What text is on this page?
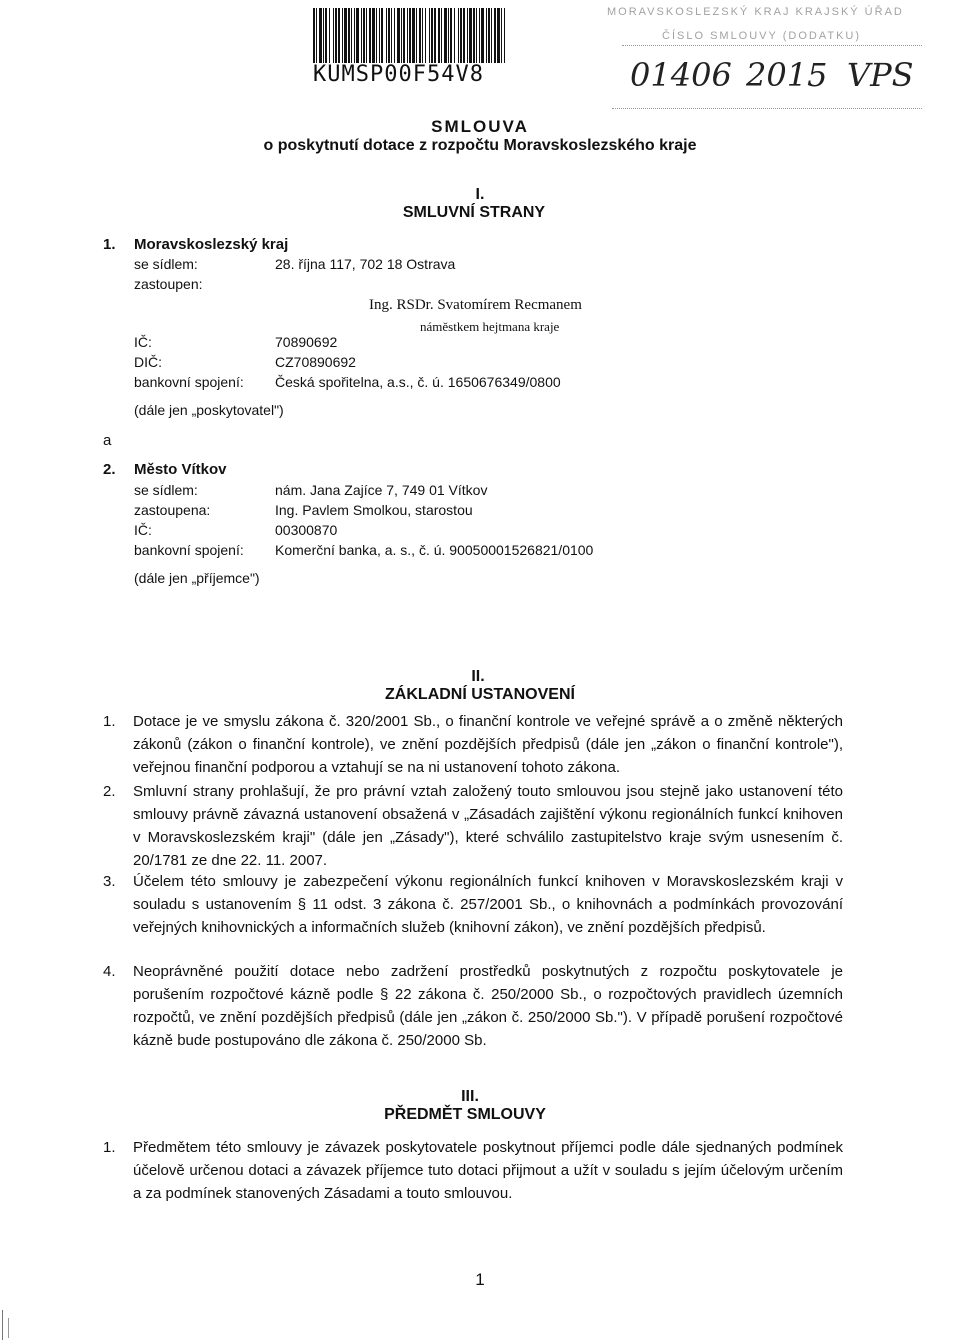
KUMSP00F54V8
MORAVSKOSLEZSKÝ KRAJ KRAJSKÝ ÚŘAD
ČÍSLO SMLOUVY (DODATKU)
01406 2015 VPS
SMLOUVA
o poskytnutí dotace z rozpočtu Moravskoslezského kraje
I.
SMLUVNÍ STRANY
1. Moravskoslezský kraj
se sídlem:	28. října 117, 702 18 Ostrava
zastoupen:
Ing. RSDr. Svatomírem Recmanem
náměstkem hejtmana kraje
IČ:	70890692
DIČ:	CZ70890692
bankovní spojení: Česká spořitelna, a.s., č. ú. 1650676349/0800
(dále jen „poskytovatel")
a
2. Město Vítkov
se sídlem:	nám. Jana Zajíce 7, 749 01 Vítkov
zastoupena:	Ing. Pavlem Smolkou, starostou
IČ:	00300870
bankovní spojení: Komerční banka, a. s., č. ú. 90050001526821/0100
(dále jen „příjemce")
II.
ZÁKLADNÍ USTANOVENÍ
1. Dotace je ve smyslu zákona č. 320/2001 Sb., o finanční kontrole ve veřejné správě a o změně některých zákonů (zákon o finanční kontrole), ve znění pozdějších předpisů (dále jen „zákon o finanční kontrole"), veřejnou finanční podporou a vztahují se na ni ustanovení tohoto zákona.
2. Smluvní strany prohlašují, že pro právní vztah založený touto smlouvou jsou stejně jako ustanovení této smlouvy právně závazná ustanovení obsažená v „Zásadách zajištění výkonu regionálních funkcí knihoven v Moravskoslezském kraji" (dále jen „Zásady"), které schválilo zastupitelstvo kraje svým usnesením č. 20/1781 ze dne 22. 11. 2007.
3. Účelem této smlouvy je zabezpečení výkonu regionálních funkcí knihoven v Moravskoslezském kraji v souladu s ustanovením § 11 odst. 3 zákona č. 257/2001 Sb., o knihovnách a podmínkách provozování veřejných knihovnických a informačních služeb (knihovní zákon), ve znění pozdějších předpisů.
4. Neoprávněné použití dotace nebo zadržení prostředků poskytnutých z rozpočtu poskytovatele je porušením rozpočtové kázně podle § 22 zákona č. 250/2000 Sb., o rozpočtových pravidlech územních rozpočtů, ve znění pozdějších předpisů (dále jen „zákon č. 250/2000 Sb."). V případě porušení rozpočtové kázně bude postupováno dle zákona č. 250/2000 Sb.
III.
PŘEDMĚT SMLOUVY
1. Předmětem této smlouvy je závazek poskytovatele poskytnout příjemci podle dále sjednaných podmínek účelově určenou dotaci a závazek příjemce tuto dotaci přijmout a užít v souladu s jejím účelovým určením a za podmínek stanovených Zásadami a touto smlouvou.
1
